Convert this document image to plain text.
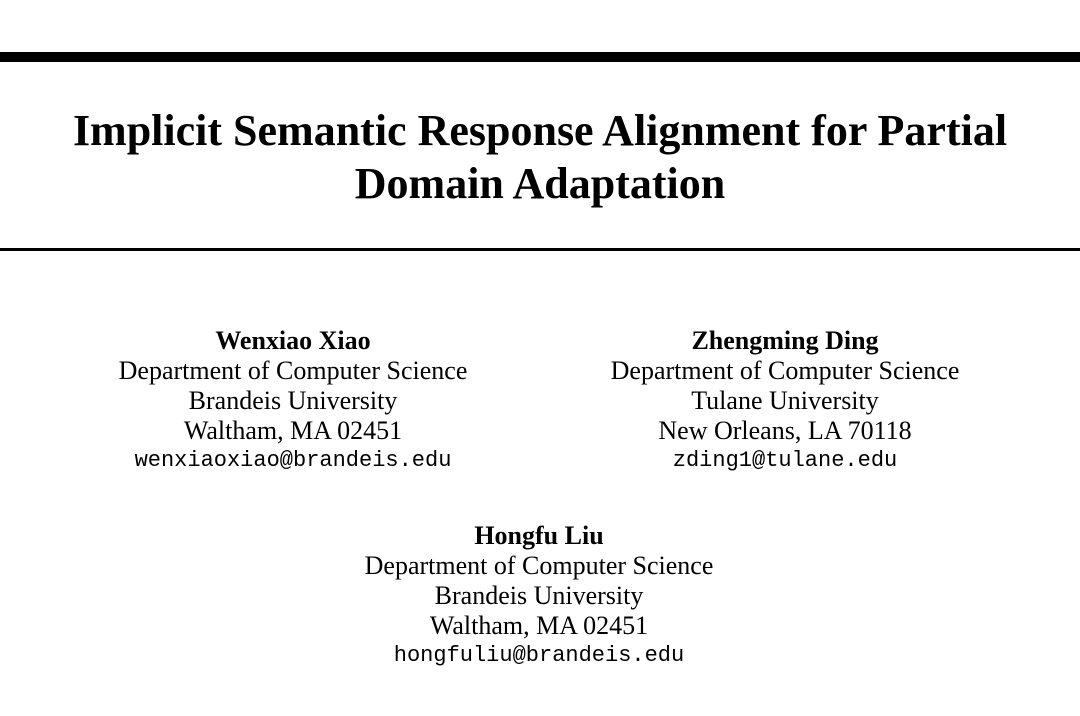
Implicit Semantic Response Alignment for Partial
Domain Adaptation
Wenxiao Xiao
Department of Computer Science
Brandeis University
Waltham, MA 02451
wenxiaoxiao@brandeis.edu
Zhengming Ding
Department of Computer Science
Tulane University
New Orleans, LA 70118
zding1@tulane.edu
Hongfu Liu
Department of Computer Science
Brandeis University
Waltham, MA 02451
hongfuliu@brandeis.edu
